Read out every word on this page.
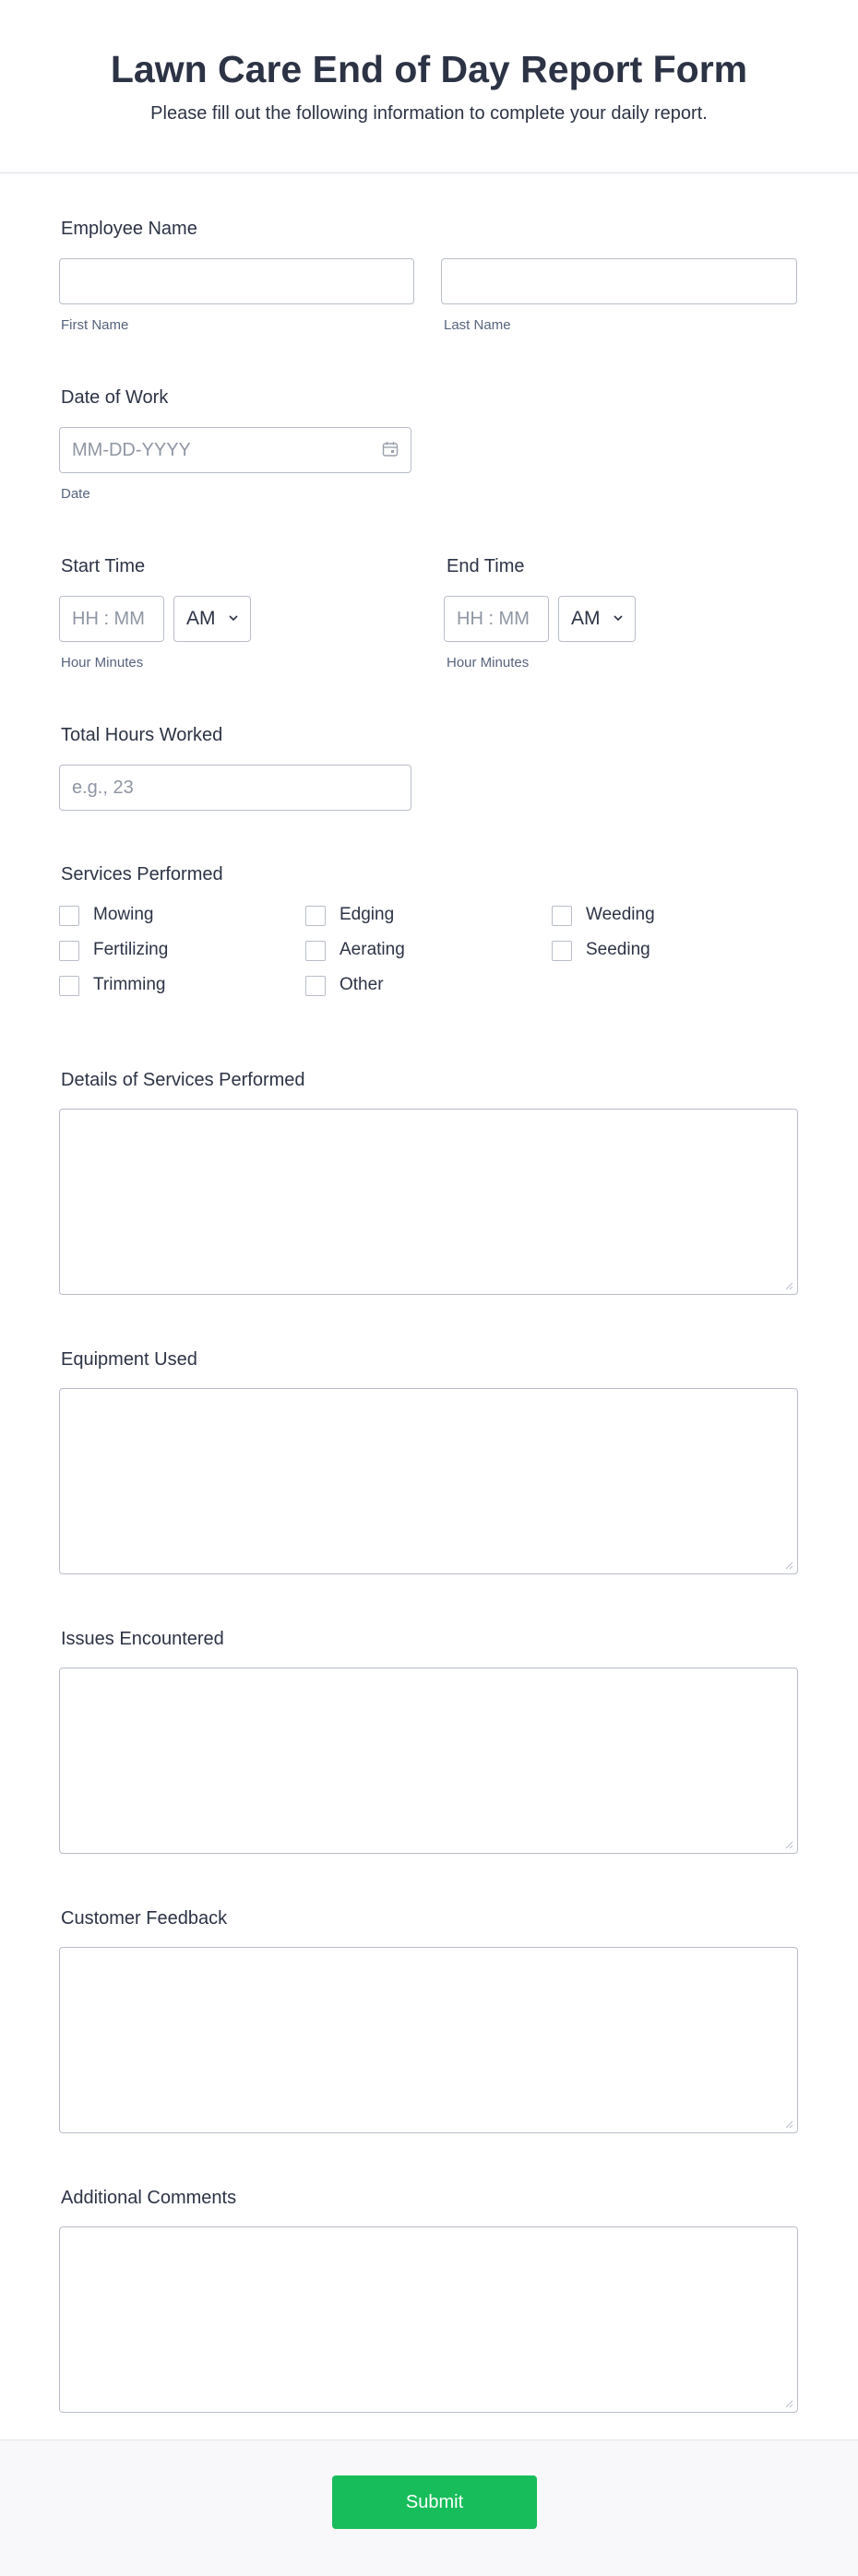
Lawn Care End of Day Report Form
Please fill out the following information to complete your daily report.
Employee Name
First Name	Last Name
Date of Work
MM-DD-YYYY
Date
Start Time
HH : MM	AM
Hour Minutes
End Time
HH : MM	AM
Hour Minutes
Total Hours Worked
e.g., 23
Services Performed
Mowing	Edging	Weeding
Fertilizing	Aerating	Seeding
Trimming	Other
Details of Services Performed
Equipment Used
Issues Encountered
Customer Feedback
Additional Comments
Submit
